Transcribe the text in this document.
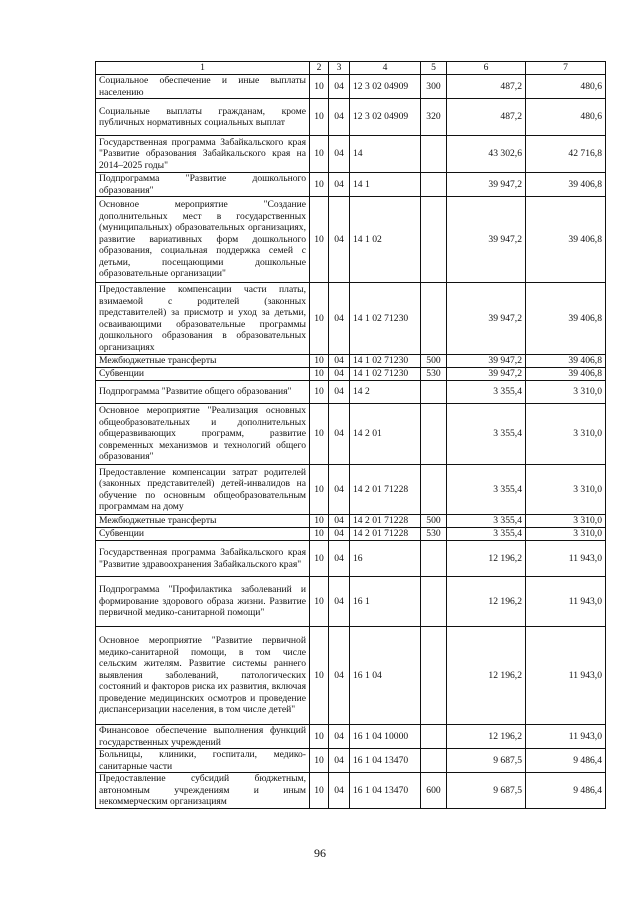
1	2	3	4	5	6	7
Социальное обеспечение и иные выплаты населению	10	04	12 3 02 04909	300	487,2	480,6
Социальные выплаты гражданам, кроме публичных нормативных социальных выплат	10	04	12 3 02 04909	320	487,2	480,6
Государственная программа Забайкальского края "Развитие образования Забайкальского края на 2014–2025 годы"	10	04	14		43 302,6	42 716,8
Подпрограмма "Развитие дошкольного образования"	10	04	14 1		39 947,2	39 406,8
Основное мероприятие "Создание дополнительных мест в государственных (муниципальных) образовательных организациях, развитие вариативных форм дошкольного образования, социальная поддержка семей с детьми, посещающими дошкольные образовательные организации"	10	04	14 1 02		39 947,2	39 406,8
Предоставление компенсации части платы, взимаемой с родителей (законных представителей) за присмотр и уход за детьми, осваивающими образовательные программы дошкольного образования в образовательных организациях	10	04	14 1 02 71230		39 947,2	39 406,8
Межбюджетные трансферты	10	04	14 1 02 71230	500	39 947,2	39 406,8
Субвенции	10	04	14 1 02 71230	530	39 947,2	39 406,8
Подпрограмма "Развитие общего образования"	10	04	14 2		3 355,4	3 310,0
Основное мероприятие "Реализация основных общеобразовательных и дополнительных общеразвивающих программ, развитие современных механизмов и технологий общего образования"	10	04	14 2 01		3 355,4	3 310,0
Предоставление компенсации затрат родителей (законных представителей) детей-инвалидов на обучение по основным общеобразовательным программам на дому	10	04	14 2 01 71228		3 355,4	3 310,0
Межбюджетные трансферты	10	04	14 2 01 71228	500	3 355,4	3 310,0
Субвенции	10	04	14 2 01 71228	530	3 355,4	3 310,0
Государственная программа Забайкальского края "Развитие здравоохранения Забайкальского края"	10	04	16		12 196,2	11 943,0
Подпрограмма "Профилактика заболеваний и формирование здорового образа жизни. Развитие первичной медико-санитарной помощи"	10	04	16 1		12 196,2	11 943,0
Основное мероприятие "Развитие первичной медико-санитарной помощи, в том числе сельским жителям. Развитие системы раннего выявления заболеваний, патологических состояний и факторов риска их развития, включая проведение медицинских осмотров и проведение диспансеризации населения, в том числе детей"	10	04	16 1 04		12 196,2	11 943,0
Финансовое обеспечение выполнения функций государственных учреждений	10	04	16 1 04 10000		12 196,2	11 943,0
Больницы, клиники, госпитали, медико-санитарные части	10	04	16 1 04 13470		9 687,5	9 486,4
Предоставление субсидий бюджетным, автономным учреждениям и иным некоммерческим организациям	10	04	16 1 04 13470	600	9 687,5	9 486,4
96
